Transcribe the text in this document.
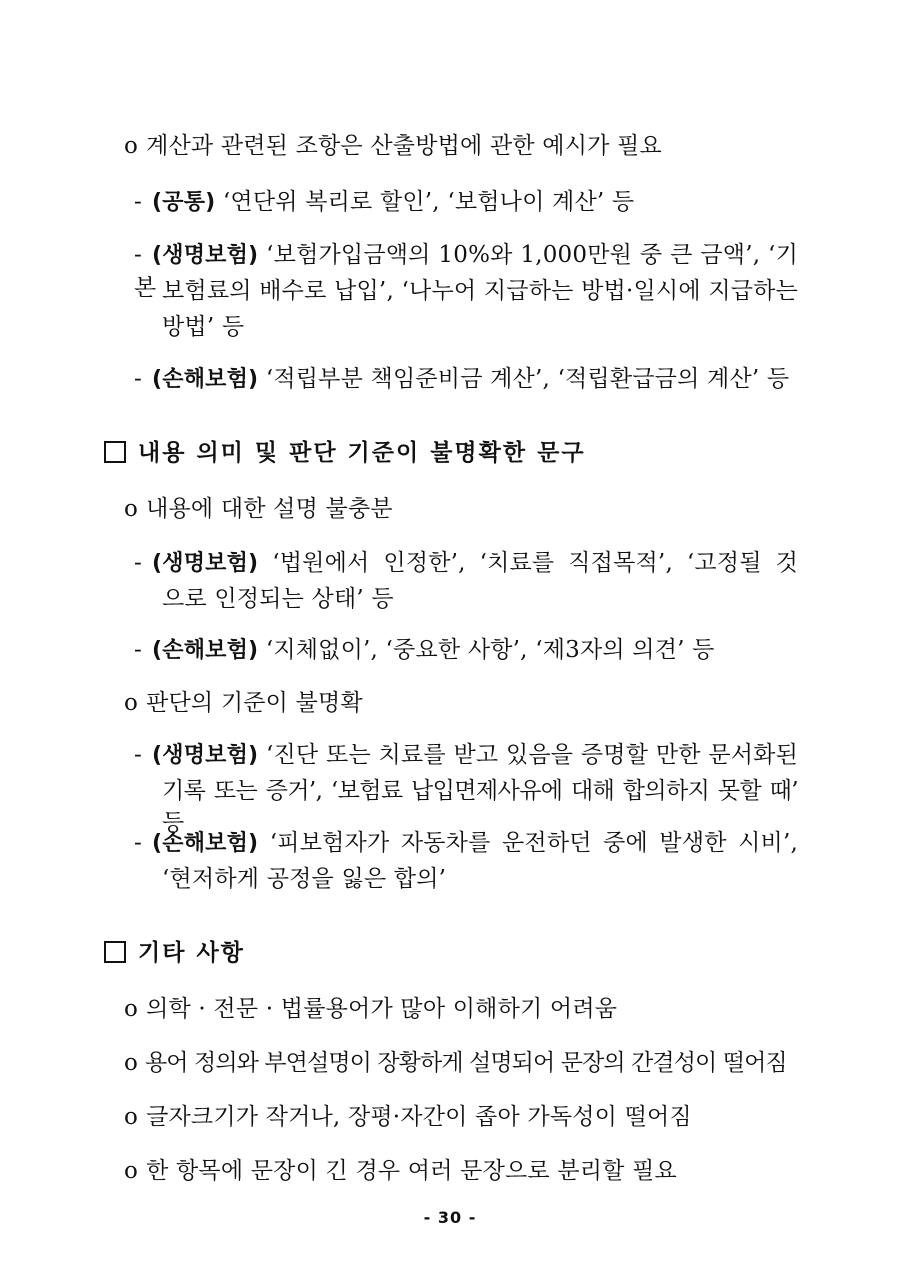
o 계산과 관련된 조항은 산출방법에 관한 예시가 필요
- (공통) ‘연단위 복리로 할인’, ‘보험나이 계산’ 등
- (생명보험) ‘보험가입금액의 10%와 1,000만원 중 큰 금액’, ‘기본 보험료의 배수로 납입’, ‘나누어 지급하는 방법·일시에 지급하는
방법’ 등
- (손해보험) ‘적립부분 책임준비금 계산’, ‘적립환급금의 계산’ 등
내용 의미 및 판단 기준이 불명확한 문구
o 내용에 대한 설명 불충분
- (생명보험) ‘법원에서 인정한’, ‘치료를 직접목적’, ‘고정될 것
으로 인정되는 상태’ 등
- (손해보험) ‘지체없이’, ‘중요한 사항’, ‘제3자의 의견’ 등
o 판단의 기준이 불명확
- (생명보험) ‘진단 또는 치료를 받고 있음을 증명할 만한 문서화된
기록 또는 증거’, ‘보험료 납입면제사유에 대해 합의하지 못할 때’ 등
- (손해보험) ‘피보험자가 자동차를 운전하던 중에 발생한 시비’,
‘현저하게 공정을 잃은 합의’
기타 사항
o 의학 · 전문 · 법률용어가 많아 이해하기 어려움
o 용어 정의와 부연설명이 장황하게 설명되어 문장의 간결성이 떨어짐
o 글자크기가 작거나, 장평·자간이 좁아 가독성이 떨어짐
o 한 항목에 문장이 긴 경우 여러 문장으로 분리할 필요
- 30 -
